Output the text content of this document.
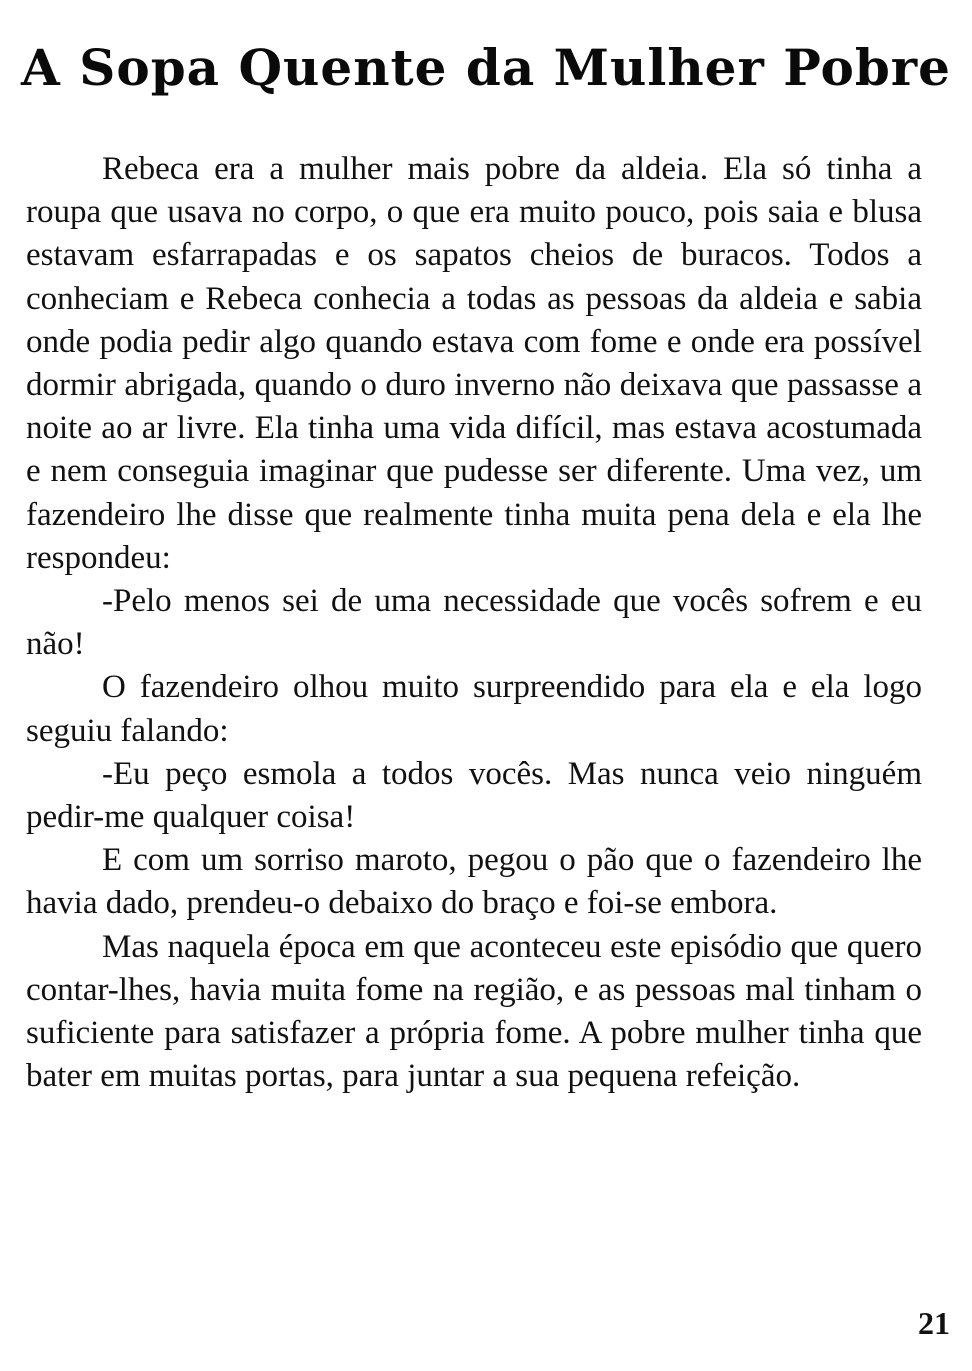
A Sopa Quente da Mulher Pobre

Rebeca era a mulher mais pobre da aldeia. Ela só tinha a roupa que usava no corpo, o que era muito pouco, pois saia e blusa estavam esfarrapadas e os sapatos cheios de buracos. Todos a conheciam e Rebeca conhecia a todas as pessoas da aldeia e sabia onde podia pedir algo quando estava com fome e onde era possível dormir abrigada, quando o duro inverno não deixava que passasse a noite ao ar livre. Ela tinha uma vida difícil, mas estava acostumada e nem conseguia imaginar que pudesse ser diferente. Uma vez, um fazendeiro lhe disse que realmente tinha muita pena dela e ela lhe respondeu:

-Pelo menos sei de uma necessidade que vocês sofrem e eu não!

O fazendeiro olhou muito surpreendido para ela e ela logo seguiu falando:

-Eu peço esmola a todos vocês. Mas nunca veio ninguém pedir-me qualquer coisa!

E com um sorriso maroto, pegou o pão que o fazendeiro lhe havia dado, prendeu-o debaixo do braço e foi-se embora.

Mas naquela época em que aconteceu este episódio que quero contar-lhes, havia muita fome na região, e as pessoas mal tinham o suficiente para satisfazer a própria fome. A pobre mulher tinha que bater em muitas portas, para juntar a sua pequena refeição.

21
